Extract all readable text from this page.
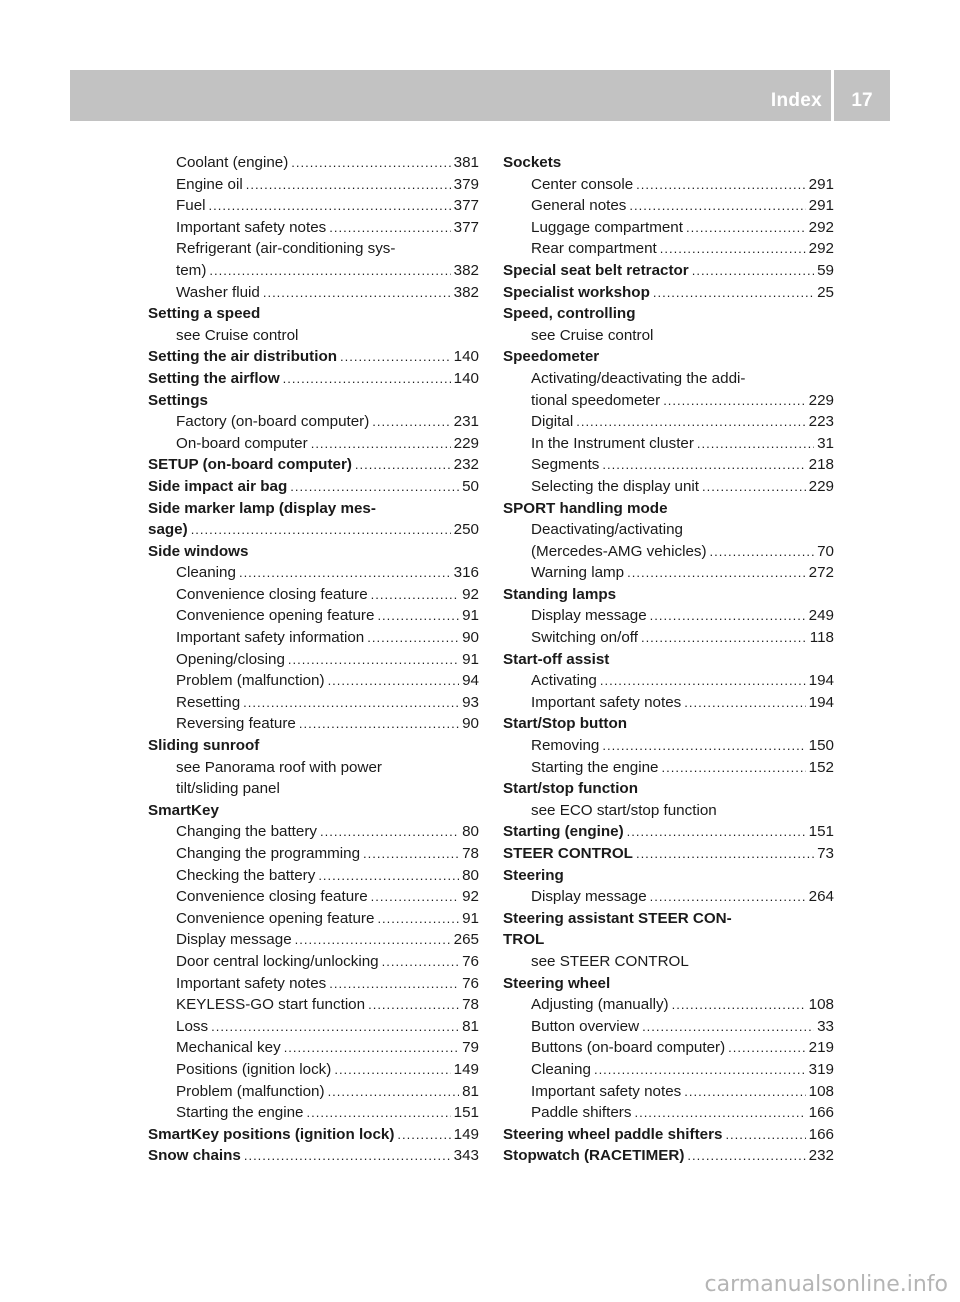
Index	17
Coolant (engine) .....	381
Engine oil .....	379
Fuel .....	377
Important safety notes .....	377
Refrigerant (air-conditioning sys-
tem) .....	382
Washer fluid .....	382
Setting a speed
see Cruise control
Setting the air distribution .....	140
Setting the airflow .....	140
Settings
Factory (on-board computer) .....	231
On-board computer .....	229
SETUP (on-board computer) .....	232
Side impact air bag .....	50
Side marker lamp (display mes-
sage) .....	250
Side windows
Cleaning .....	316
Convenience closing feature .....	92
Convenience opening feature .....	91
Important safety information .....	90
Opening/closing .....	91
Problem (malfunction) .....	94
Resetting .....	93
Reversing feature .....	90
Sliding sunroof
see Panorama roof with power
tilt/sliding panel
SmartKey
Changing the battery .....	80
Changing the programming .....	78
Checking the battery .....	80
Convenience closing feature .....	92
Convenience opening feature .....	91
Display message .....	265
Door central locking/unlocking .....	76
Important safety notes .....	76
KEYLESS-GO start function .....	78
Loss .....	81
Mechanical key .....	79
Positions (ignition lock) .....	149
Problem (malfunction) .....	81
Starting the engine .....	151
SmartKey positions (ignition lock) .....	149
Snow chains .....	343
Sockets
Center console .....	291
General notes .....	291
Luggage compartment .....	292
Rear compartment .....	292
Special seat belt retractor .....	59
Specialist workshop .....	25
Speed, controlling
see Cruise control
Speedometer
Activating/deactivating the addi-
tional speedometer .....	229
Digital .....	223
In the Instrument cluster .....	31
Segments .....	218
Selecting the display unit .....	229
SPORT handling mode
Deactivating/activating
(Mercedes-AMG vehicles) .....	70
Warning lamp .....	272
Standing lamps
Display message .....	249
Switching on/off .....	118
Start-off assist
Activating .....	194
Important safety notes .....	194
Start/Stop button
Removing .....	150
Starting the engine .....	152
Start/stop function
see ECO start/stop function
Starting (engine) .....	151
STEER CONTROL .....	73
Steering
Display message .....	264
Steering assistant STEER CON-
TROL
see STEER CONTROL
Steering wheel
Adjusting (manually) .....	108
Button overview .....	33
Buttons (on-board computer) .....	219
Cleaning .....	319
Important safety notes .....	108
Paddle shifters .....	166
Steering wheel paddle shifters .....	166
Stopwatch (RACETIMER) .....	232
carmanualsonline.info
